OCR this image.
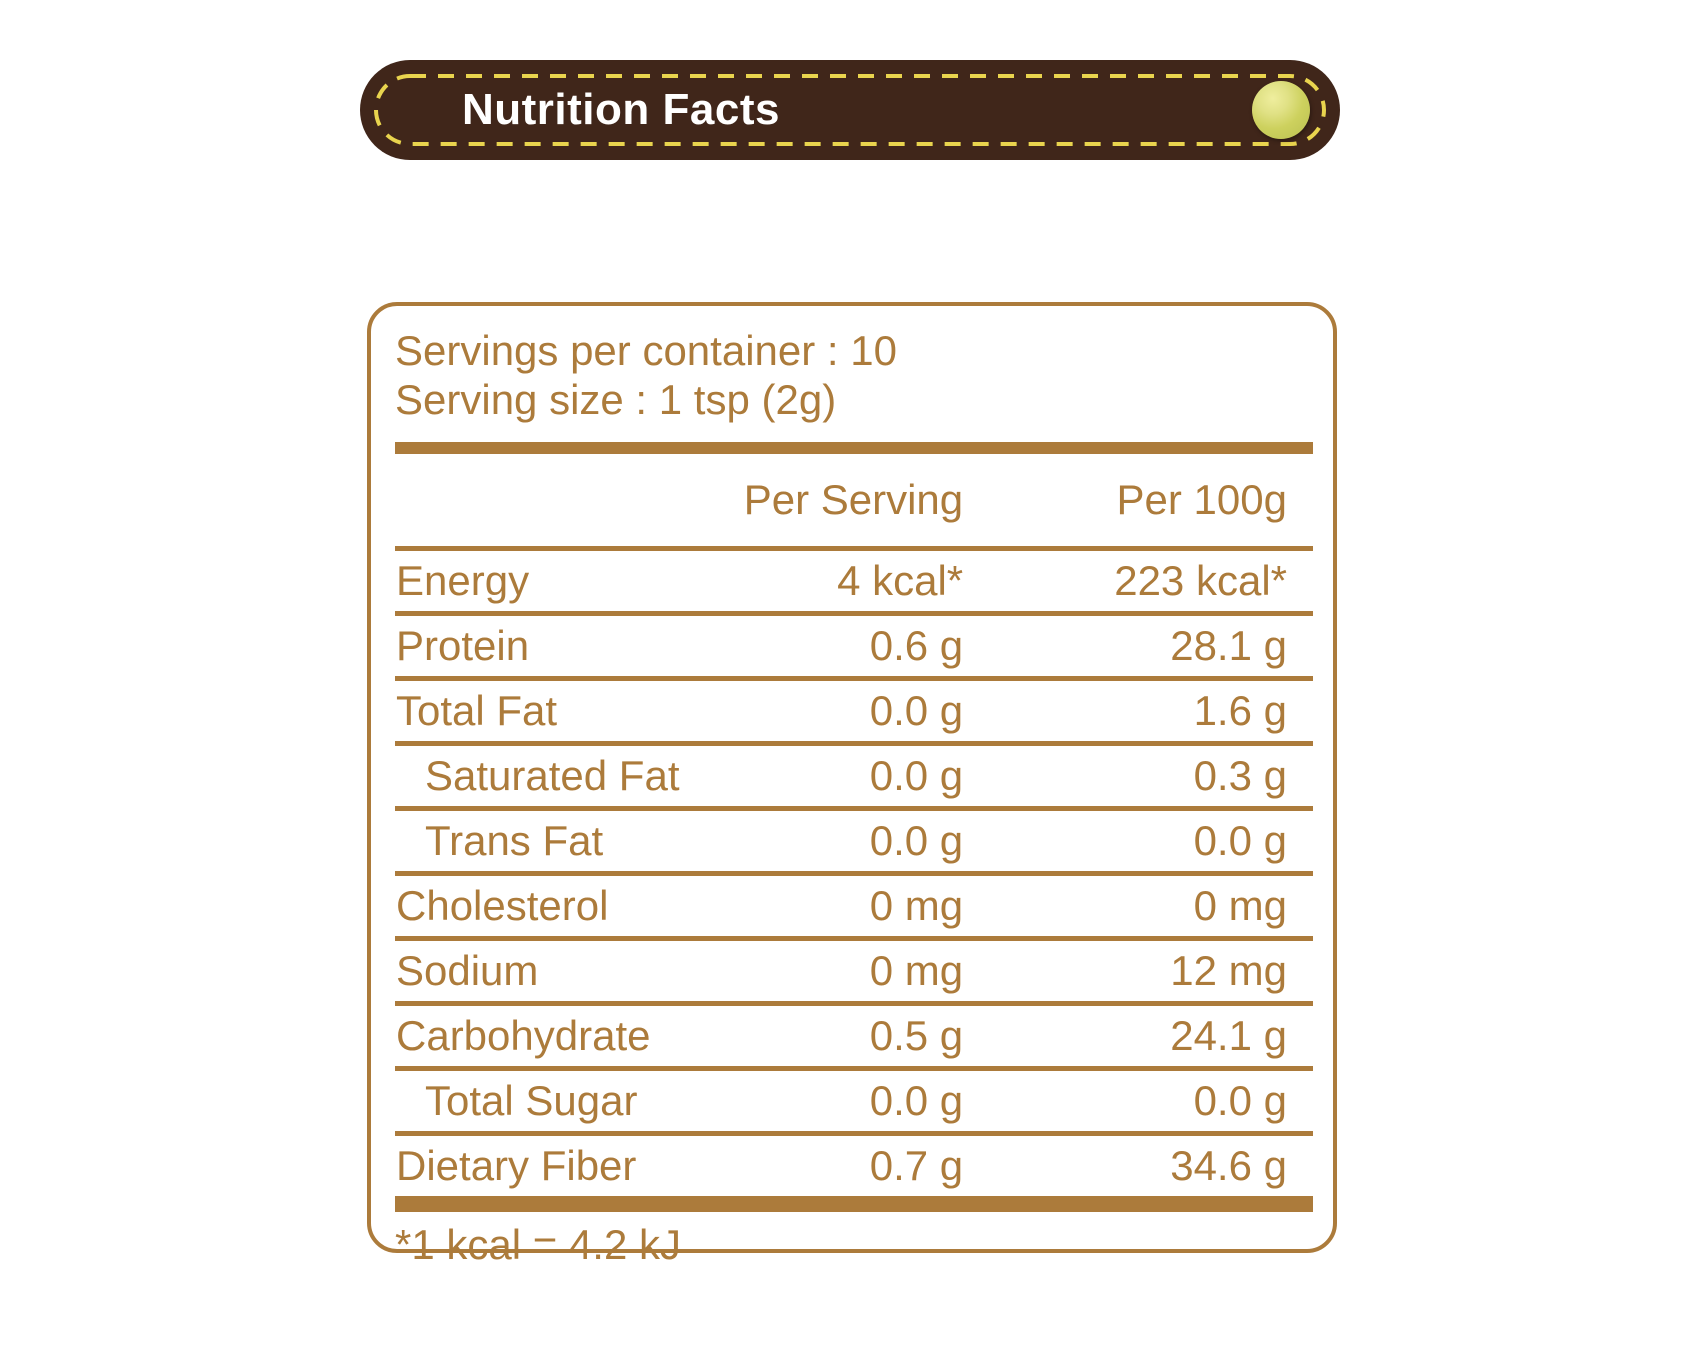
Nutrition Facts
Servings per container : 10
Serving size : 1 tsp (2g)
	Per Serving	Per 100g
Energy	4 kcal*	223 kcal*
Protein	0.6 g	28.1 g
Total Fat	0.0 g	1.6 g
Saturated Fat	0.0 g	0.3 g
Trans Fat	0.0 g	0.0 g
Cholesterol	0 mg	0 mg
Sodium	0 mg	12 mg
Carbohydrate	0.5 g	24.1 g
Total Sugar	0.0 g	0.0 g
Dietary Fiber	0.7 g	34.6 g
*1 kcal = 4.2 kJ
